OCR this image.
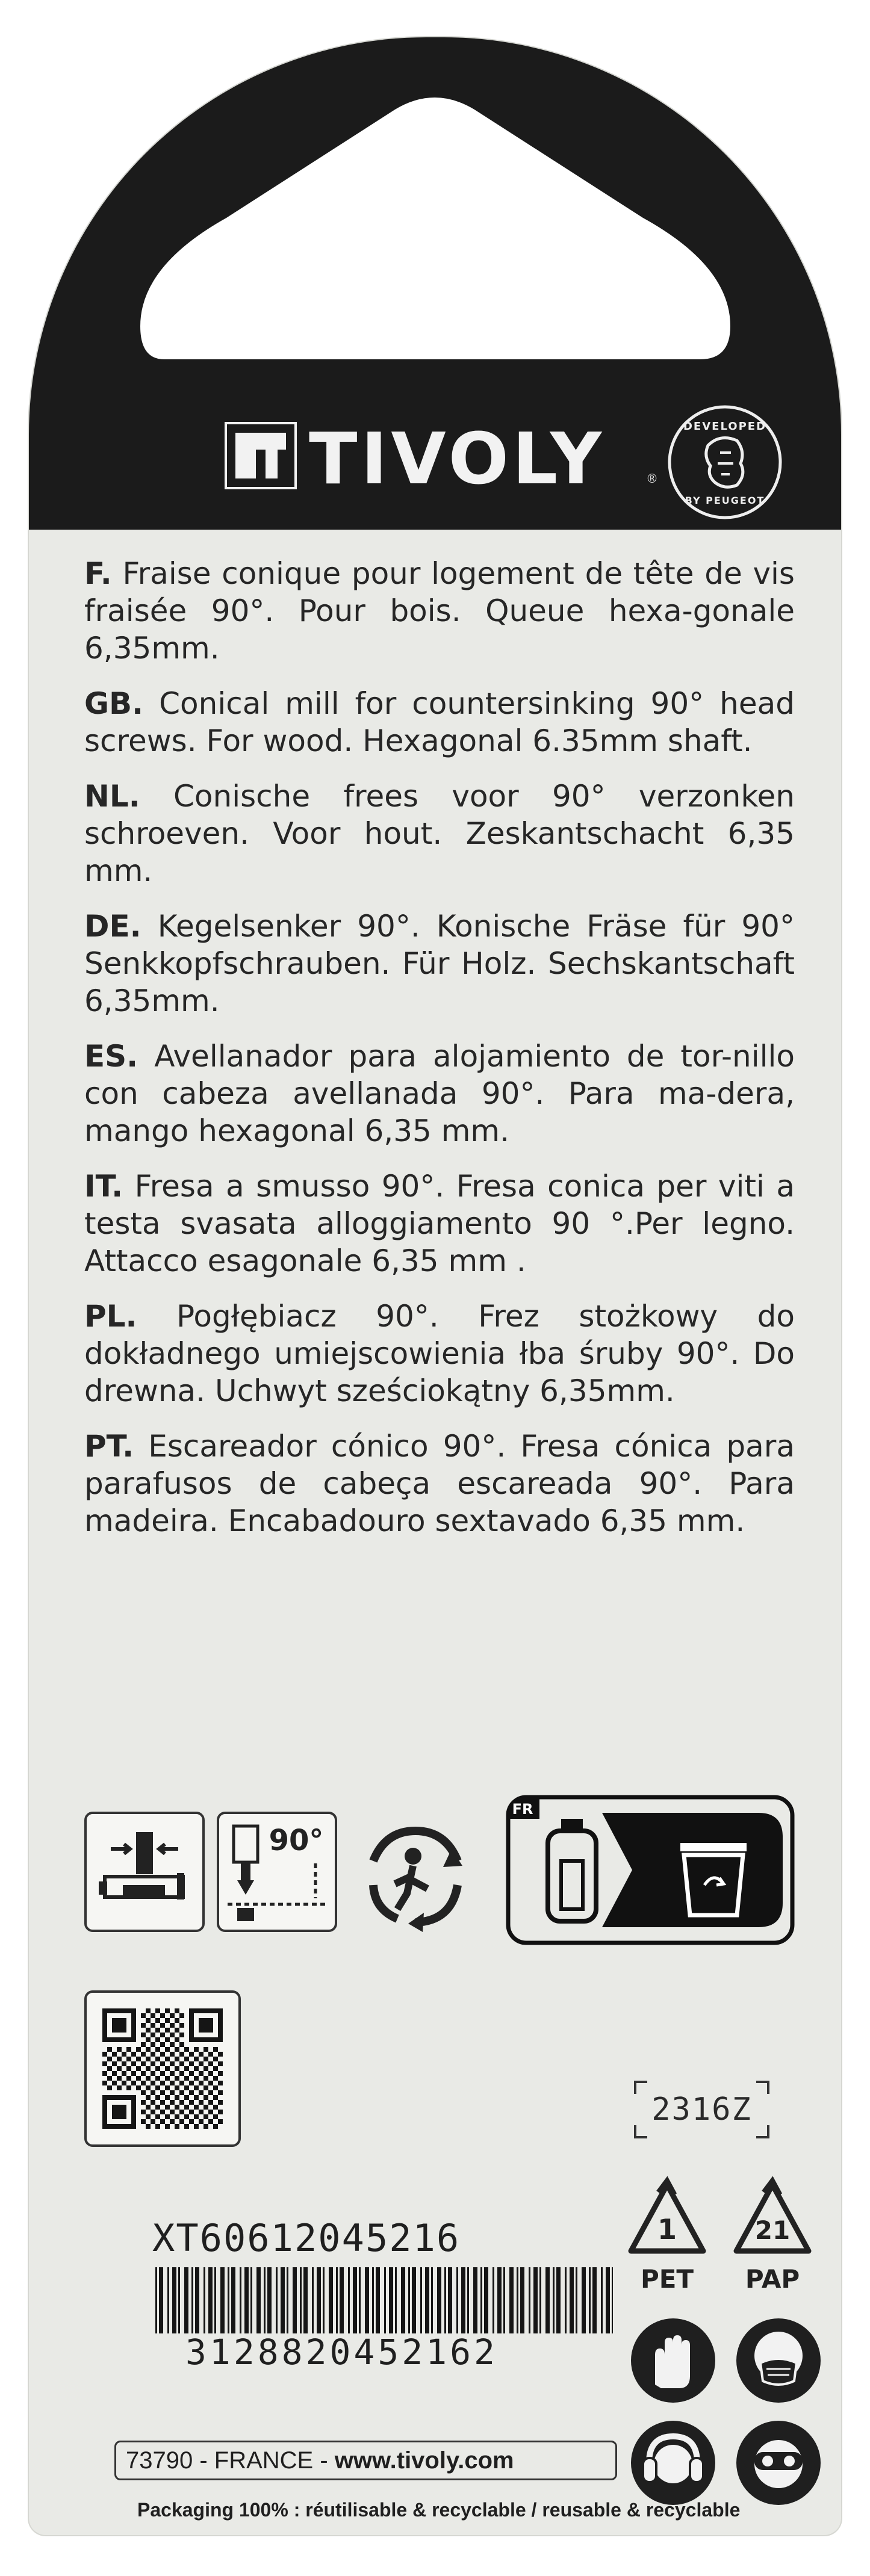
TIVOLY	®
DEVELOPED
BY PEUGEOT

F. Fraise conique pour logement de tête de vis fraisée 90°. Pour bois. Queue hexa-gonale 6,35mm.

GB. Conical mill for countersinking 90° head screws. For wood. Hexagonal 6.35mm shaft.

NL. Conische frees voor 90° verzonken schroeven. Voor hout. Zeskantschacht 6,35 mm.

DE. Kegelsenker 90°. Konische Fräse für 90° Senkkopfschrauben. Für Holz. Sechskantschaft 6,35mm.

ES. Avellanador para alojamiento de tor-nillo con cabeza avellanada 90°. Para ma-dera, mango hexagonal 6,35 mm.

IT. Fresa a smusso 90°. Fresa conica per viti a testa svasata alloggiamento 90 °.Per legno. Attacco esagonale 6,35 mm .

PL. Pogłębiacz 90°. Frez stożkowy do dokładnego umiejscowienia łba śruby 90°. Do drewna. Uchwyt sześciokątny 6,35mm.

PT. Escareador cónico 90°. Fresa cónica para parafusos de cabeça escareada 90°. Para madeira. Encabadouro sextavado 6,35 mm.

90°
FR
2316Z
1
PET
21
PAP
XT60612045216
3128820452162
73790 - FRANCE - www.tivoly.com
Packaging 100% : réutilisable & recyclable / reusable & recyclable
